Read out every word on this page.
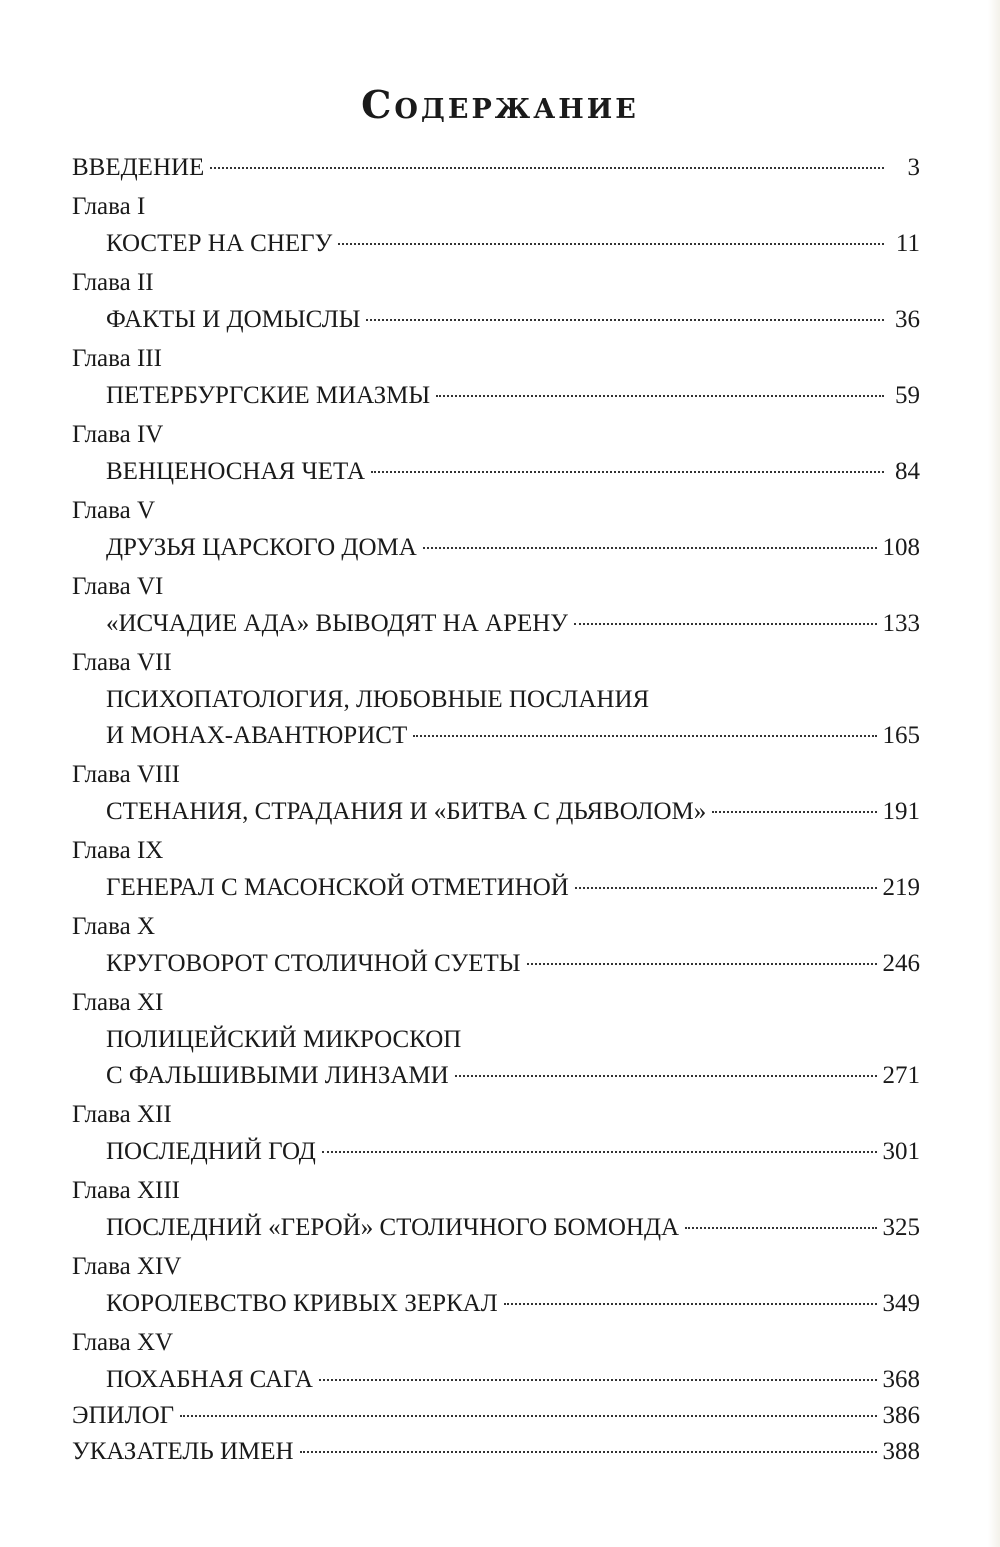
Содержание
ВВЕДЕНИЕ	3
Глава I
КОСТЕР НА СНЕГУ	11
Глава II
ФАКТЫ И ДОМЫСЛЫ	36
Глава III
ПЕТЕРБУРГСКИЕ МИАЗМЫ	59
Глава IV
ВЕНЦЕНОСНАЯ ЧЕТА	84
Глава V
ДРУЗЬЯ ЦАРСКОГО ДОМА	108
Глава VI
«ИСЧАДИЕ АДА» ВЫВОДЯТ НА АРЕНУ	133
Глава VII
ПСИХОПАТОЛОГИЯ, ЛЮБОВНЫЕ ПОСЛАНИЯ
И МОНАХ-АВАНТЮРИСТ	165
Глава VIII
СТЕНАНИЯ, СТРАДАНИЯ И «БИТВА С ДЬЯВОЛОМ»	191
Глава IX
ГЕНЕРАЛ С МАСОНСКОЙ ОТМЕТИНОЙ	219
Глава X
КРУГОВОРОТ СТОЛИЧНОЙ СУЕТЫ	246
Глава XI
ПОЛИЦЕЙСКИЙ МИКРОСКОП
С ФАЛЬШИВЫМИ ЛИНЗАМИ	271
Глава XII
ПОСЛЕДНИЙ ГОД	301
Глава XIII
ПОСЛЕДНИЙ «ГЕРОЙ» СТОЛИЧНОГО БОМОНДА	325
Глава XIV
КОРОЛЕВСТВО КРИВЫХ ЗЕРКАЛ	349
Глава XV
ПОХАБНАЯ САГА	368
ЭПИЛОГ	386
УКАЗАТЕЛЬ ИМЕН	388
